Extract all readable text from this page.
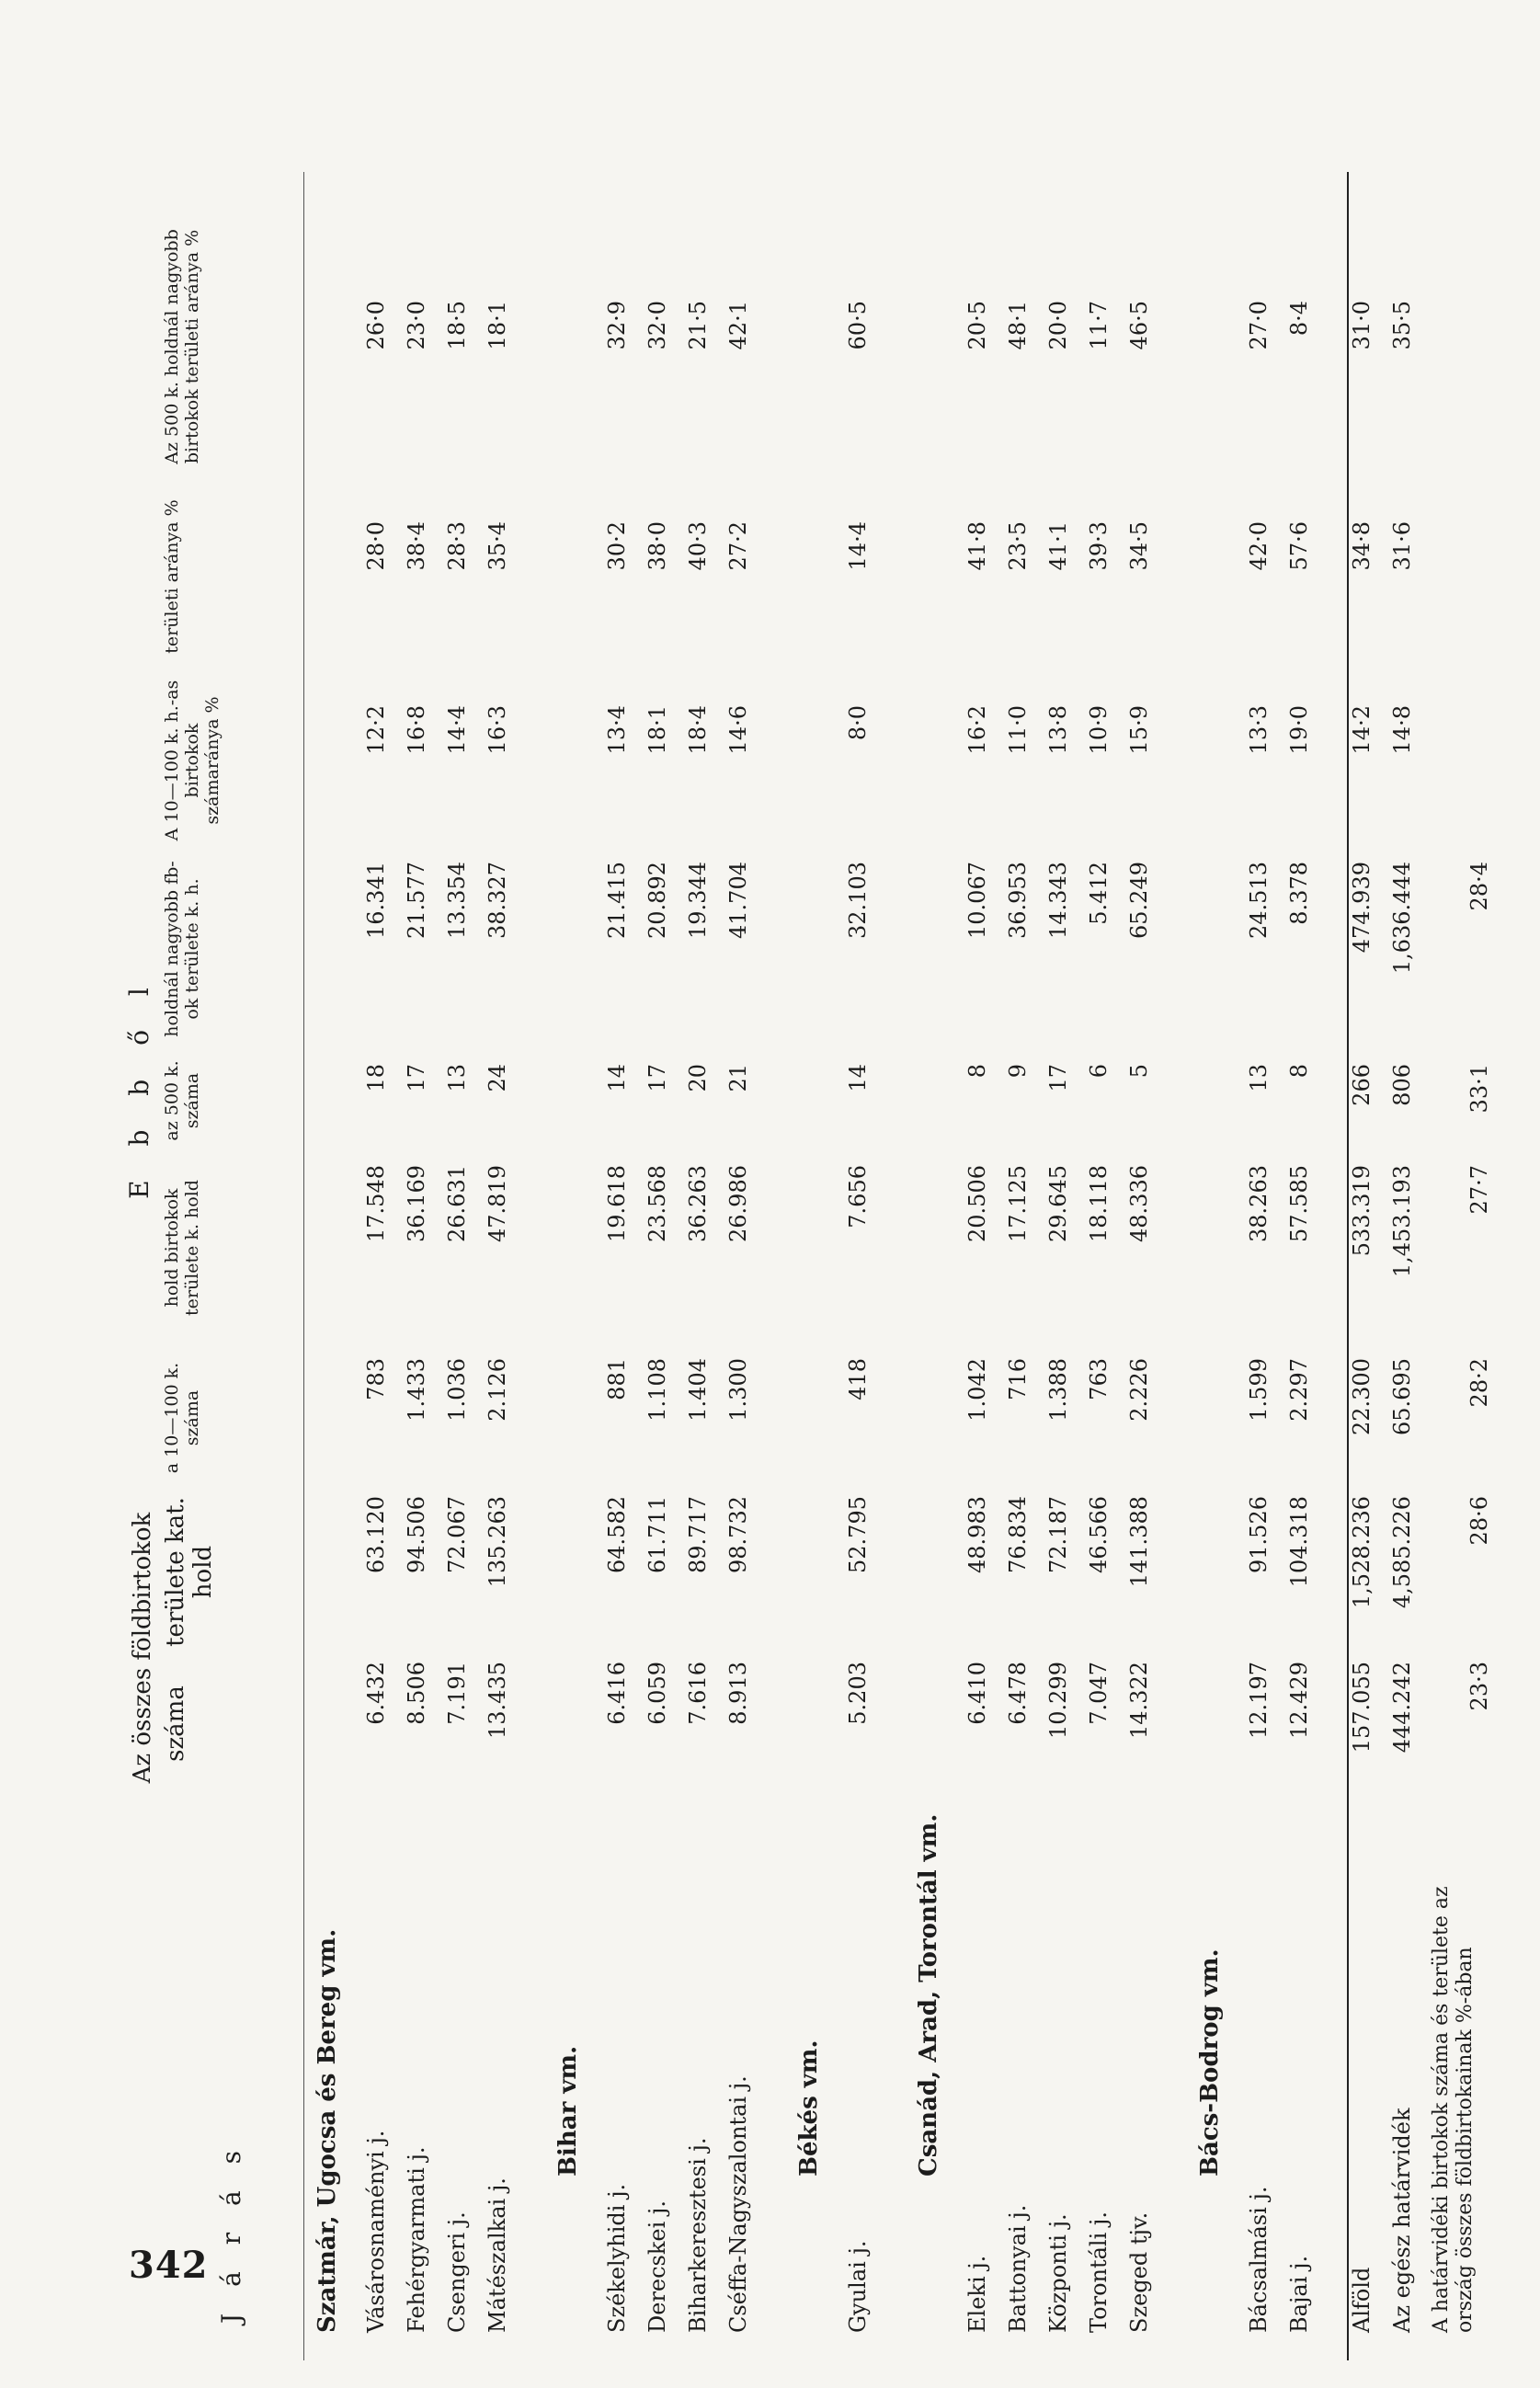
342 J á r á s
Az összes földbirtokok száma
területe kat. hold
E b b ő l
a 10—100 k. száma
hold birtokok területe k. hold
az 500 k. száma
holdnál nagyobb fb-ok területe k. h.
A 10—100 k. h.-as birtokok számaránya %
területi aránya %
Az 500 k. holdnál nagyobb birtokok területi aránya %
Szatmár, Ugocsa és Bereg vm. Vásárosnaményi j.
6.432
63.120
783
17.548
18
16.341
12·2
28·0
26·0
Fehérgyarmati j.
8.506
94.506
1.433
36.169
17
21.577
16·8
38·4
23·0
Csengeri j.
7.191
72.067
1.036
26.631
13
13.354
14·4
28·3
18·5
Mátészalkai j.
13.435
135.263
2.126
47.819
24
38.327
16·3
35·4
18·1
Bihar vm.
Székelyhidi j.
6.416
64.582
881
19.618
14
21.415
13·4
30·2
32·9
Derecskei j.
6.059
61.711
1.108
23.568
17
20.892
18·1
38·0
32·0
Biharkeresztesi j.
7.616
89.717
1.404
36.263
20
19.344
18·4
40·3
21·5
Cséffa-Nagyszalontai j.
8.913
98.732
1.300
26.986
21
41.704
14·6
27·2
42·1
Békés vm.
Gyulai j.
5.203
52.795
418
7.656
14
32.103
8·0
14·4
60·5
Csanád, Arad, Torontál vm.
Eleki j.
6.410
48.983
1.042
20.506
8
10.067
16·2
41·8
20·5
Battonyai j.
6.478
76.834
716
17.125
9
36.953
11·0
23·5
48·1
Központi j.
10.299
72.187
1.388
29.645
17
14.343
13·8
41·1
20·0
Torontáli j.
7.047
46.566
763
18.118
6
5.412
10·9
39·3
11·7
Szeged tjv.
14.322
141.388
2.226
48.336
5
65.249
15·9
34·5
46·5
Bács-Bodrog vm.
Bácsalmási j.
12.197
91.526
1.599
38.263
13
24.513
13·3
42·0
27·0
Bajai j.
12.429
104.318
2.297
57.585
8
8.378
19·0
57·6
8·4
Alföld
157.055
1,528.236
22.300
533.319
266
474.939
14·2
34·8
31·0
Az egész határvidék
444.242
4,585.226
65.695
1,453.193
806
1,636.444
14·8
31·6
35·5
A határvidéki birtokok száma és területe az ország összes földbirtokainak %-ában
23·3
28·6
28·2
27·7
33·1
28·4
